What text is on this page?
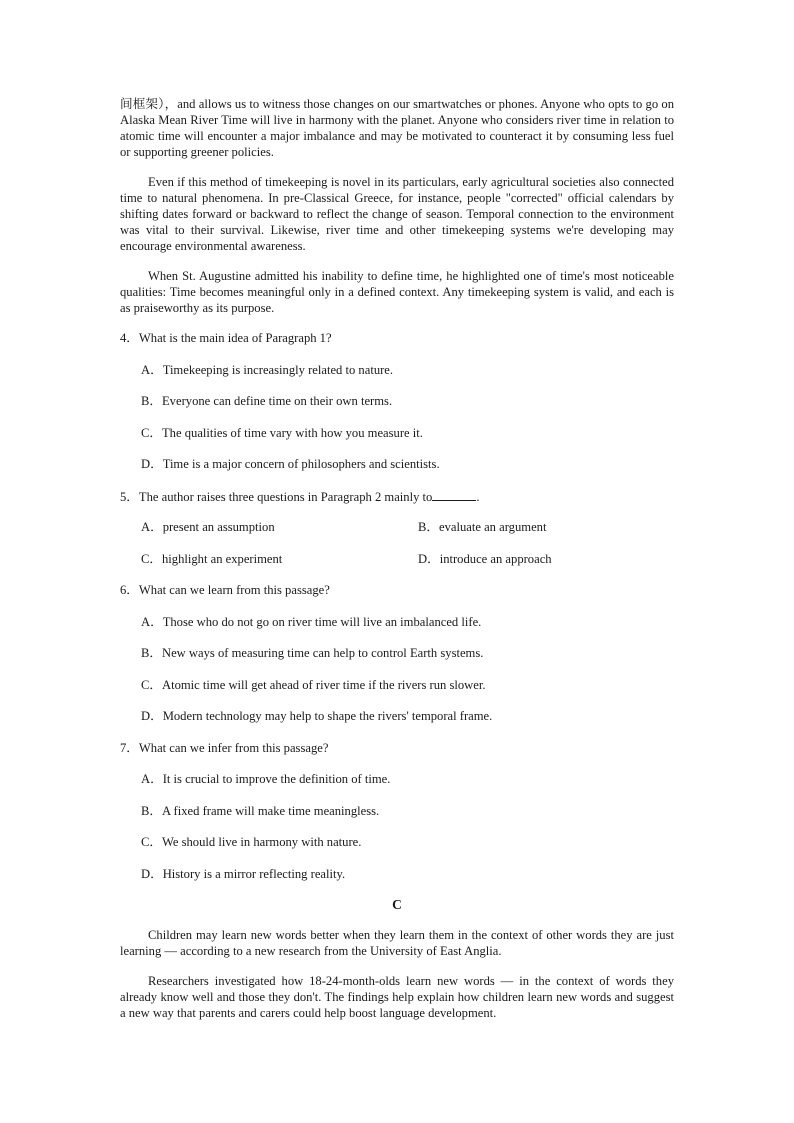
间框架），and allows us to witness those changes on our smartwatches or phones. Anyone who opts to go on Alaska Mean River Time will live in harmony with the planet. Anyone who considers river time in relation to atomic time will encounter a major imbalance and may be motivated to counteract it by consuming less fuel or supporting greener policies.

Even if this method of timekeeping is novel in its particulars, early agricultural societies also connected time to natural phenomena. In pre-Classical Greece, for instance, people "corrected" official calendars by shifting dates forward or backward to reflect the change of season. Temporal connection to the environment was vital to their survival. Likewise, river time and other timekeeping systems we're developing may encourage environmental awareness.

When St. Augustine admitted his inability to define time, he highlighted one of time's most noticeable qualities: Time becomes meaningful only in a defined context. Any timekeeping system is valid, and each is as praiseworthy as its purpose.

4．What is the main idea of Paragraph 1?

A．Timekeeping is increasingly related to nature.
B．Everyone can define time on their own terms.
C．The qualities of time vary with how you measure it.
D．Time is a major concern of philosophers and scientists.

5．The author raises three questions in Paragraph 2 mainly to	.

A．present an assumption	B．evaluate an argument
C．highlight an experiment	D．introduce an approach

6．What can we learn from this passage?

A．Those who do not go on river time will live an imbalanced life.
B．New ways of measuring time can help to control Earth systems.
C．Atomic time will get ahead of river time if the rivers run slower.
D．Modern technology may help to shape the rivers' temporal frame.

7．What can we infer from this passage?

A．It is crucial to improve the definition of time.
B．A fixed frame will make time meaningless.
C．We should live in harmony with nature.
D．History is a mirror reflecting reality.

C

Children may learn new words better when they learn them in the context of other words they are just learning — according to a new research from the University of East Anglia.

Researchers investigated how 18-24-month-olds learn new words — in the context of words they already know well and those they don't. The findings help explain how children learn new words and suggest a new way that parents and carers could help boost language development.
